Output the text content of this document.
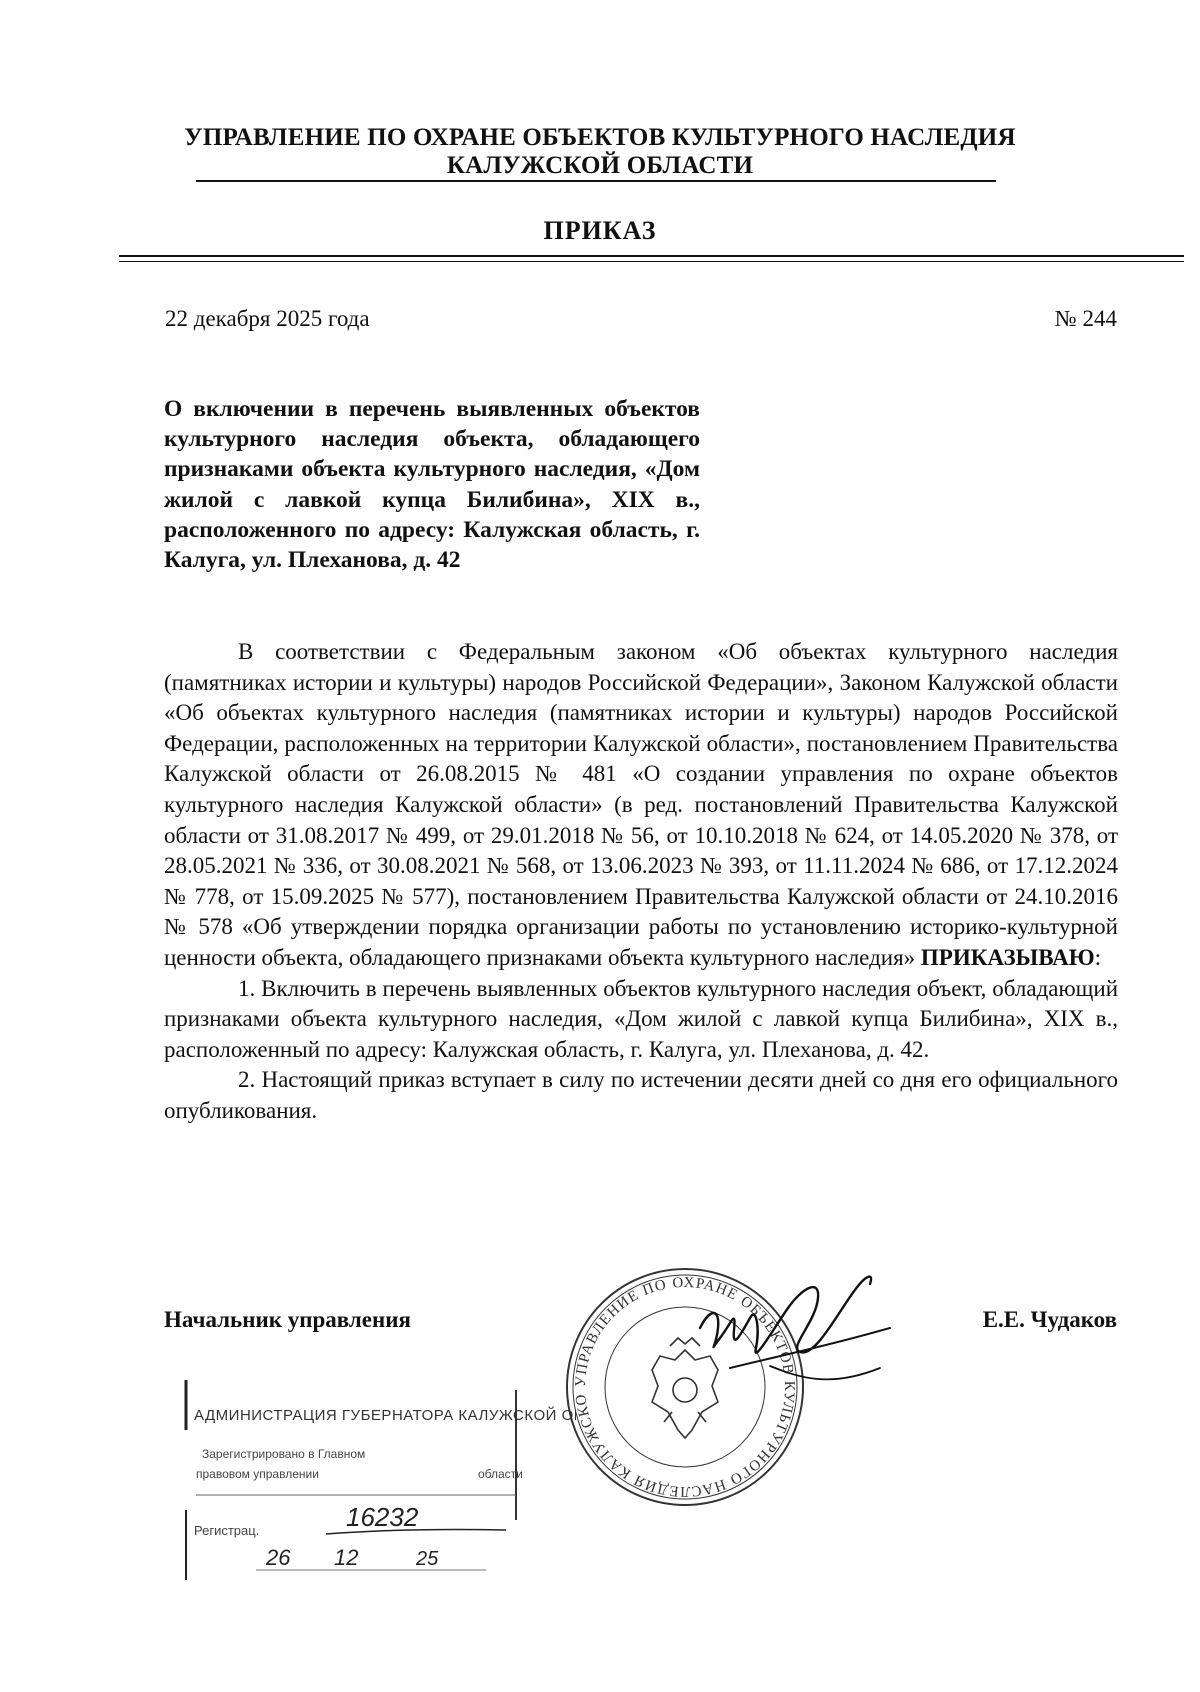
УПРАВЛЕНИЕ ПО ОХРАНЕ ОБЪЕКТОВ КУЛЬТУРНОГО НАСЛЕДИЯ
КАЛУЖСКОЙ ОБЛАСТИ
ПРИКАЗ
22 декабря 2025 года	№ 244
О включении в перечень выявленных объектов культурного наследия объекта, обладающего признаками объекта культурного наследия, «Дом жилой с лавкой купца Билибина», XIX в., расположенного по адресу: Калужская область, г. Калуга, ул. Плеханова, д. 42

В соответствии с Федеральным законом «Об объектах культурного наследия (памятниках истории и культуры) народов Российской Федерации», Законом Калужской области «Об объектах культурного наследия (памятниках истории и культуры) народов Российской Федерации, расположенных на территории Калужской области», постановлением Правительства Калужской области от 26.08.2015 № 481 «О создании управления по охране объектов культурного наследия Калужской области» (в ред. постановлений Правительства Калужской области от 31.08.2017 № 499, от 29.01.2018 № 56, от 10.10.2018 № 624, от 14.05.2020 № 378, от 28.05.2021 № 336, от 30.08.2021 № 568, от 13.06.2023 № 393, от 11.11.2024 № 686, от 17.12.2024 № 778, от 15.09.2025 № 577), постановлением Правительства Калужской области от 24.10.2016 № 578 «Об утверждении порядка организации работы по установлению историко-культурной ценности объекта, обладающего признаками объекта культурного наследия» ПРИКАЗЫВАЮ:

1. Включить в перечень выявленных объектов культурного наследия объект, обладающий признаками объекта культурного наследия, «Дом жилой с лавкой купца Билибина», XIX в., расположенный по адресу: Калужская область, г. Калуга, ул. Плеханова, д. 42.

2. Настоящий приказ вступает в силу по истечении десяти дней со дня его официального опубликования.

Начальник управления	Е.Е. Чудаков
АДМИНИСТРАЦИЯ ГУБЕРНАТОРА КАЛУЖСКОЙ О
Зарегистрировано в Главном
правовом управлении	области
Регистрац.	16232
26 12	25
УПРАВЛЕНИЕ ПО ОХРАНЕ ОБЪЕКТОВ КУЛЬТУРНОГО НАСЛЕДИЯ КАЛУЖСКО
